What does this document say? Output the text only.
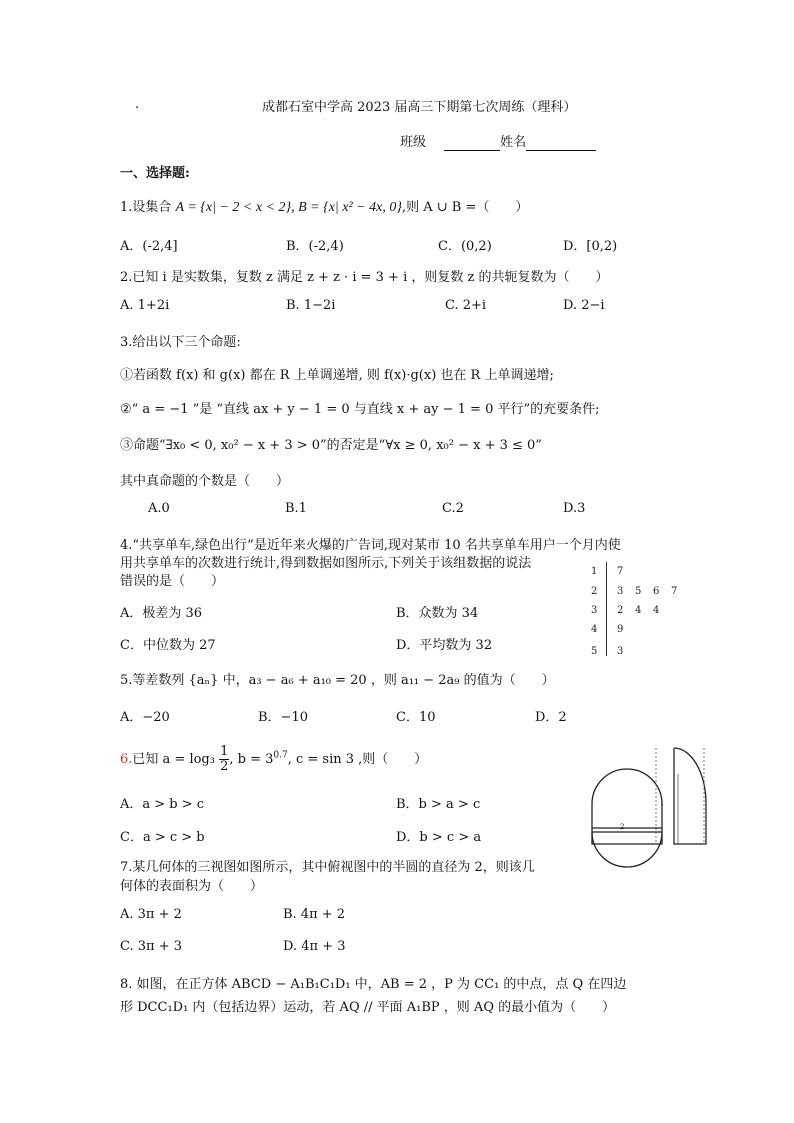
.	成都石室中学高 2023 届高三下期第七次周练（理科）
班级	姓名
一、选择题:
1.设集合 A = {x| − 2 < x < 2}, B = {x| x² − 4x, 0},则 A ∪ B =（　　）
A．(-2,4]	B．(-2,4)	C．(0,2)	D．[0,2)
2.已知 i 是实数集，复数 z 满足 z + z · i = 3 + i ，则复数 z 的共轭复数为（　　）
A. 1+2i	B. 1−2i	C. 2+i	D. 2−i
3.给出以下三个命题:
①若函数 f(x) 和 g(x) 都在 R 上单调递增, 则 f(x)·g(x) 也在 R 上单调递增;
②“ a = −1 ”是 “直线 ax + y − 1 = 0 与直线 x + ay − 1 = 0 平行”的充要条件;
③命题“∃x₀ < 0, x₀² − x + 3 > 0”的否定是“∀x ≥ 0, x₀² − x + 3 ≤ 0”
其中真命题的个数是（　　）
A.0	B.1	C.2	D.3
4.“共享单车,绿色出行”是近年来火爆的广告词,现对某市 10 名共享单车用户一个月内使
用共享单车的次数进行统计,得到数据如图所示,下列关于该组数据的说法
错误的是（　　）
A．极差为 36	B．众数为 34
C．中位数为 27	D．平均数为 32
1 7
2 3 5 6 7
3 2 4 4
4 9
5 3
5.等差数列 {aₙ} 中，a₃ − a₆ + a₁₀ = 20 ，则 a₁₁ − 2a₉ 的值为（　　）
A．−20	B．−10	C．10	D．2
6.已知 $a = \log_3 \frac{1}{2}$ , $b = 3^{0.7}$, c = sin 3 ,则（　　）
A．a > b > c	B．b > a > c
C．a > c > b	D．b > c > a
2
7.某几何体的三视图如图所示，其中俯视图中的半圆的直径为 2，则该几
何体的表面积为（　　）
A. 3π + 2	B. 4π + 2
C. 3π + 3	D. 4π + 3
8. 如图，在正方体 ABCD − A₁B₁C₁D₁ 中，AB = 2 ，P 为 CC₁ 的中点，点 Q 在四边
形 DCC₁D₁ 内（包括边界）运动，若 AQ // 平面 A₁BP ，则 AQ 的最小值为（　　）
